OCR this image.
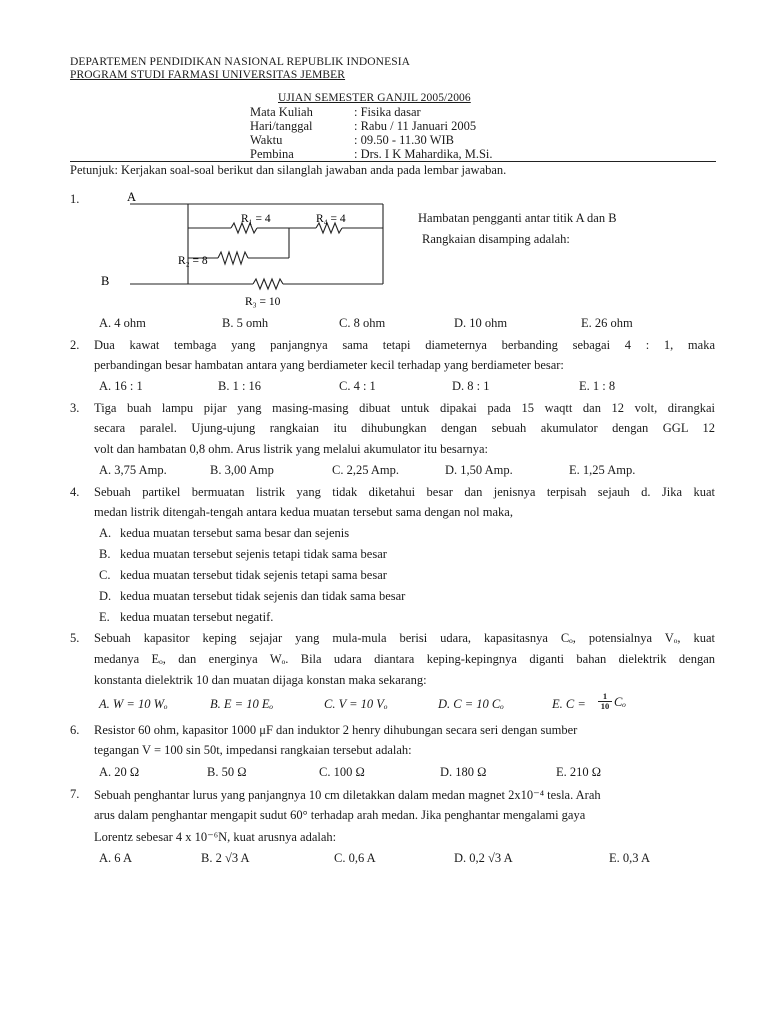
DEPARTEMEN PENDIDIKAN NASIONAL REPUBLIK INDONESIA
PROGRAM STUDI FARMASI UNIVERSITAS JEMBER
UJIAN SEMESTER GANJIL 2005/2006
Mata Kuliah	: Fisika dasar
Hari/tanggal	: Rabu / 11 Januari 2005
Waktu	: 09.50 - 11.30 WIB
Pembina	: Drs. I K Mahardika, M.Si.
Petunjuk: Kerjakan soal-soal berikut dan silanglah jawaban anda pada lembar jawaban.
1.	A
B
R₁ = 4	R₄ = 4
R₂ = 8
R₃ = 10
Hambatan pengganti antar titik A dan B
Rangkaian disamping adalah:
A. 4 ohm	B. 5 omh	C. 8 ohm	D. 10 ohm	E. 26 ohm
2. Dua kawat tembaga yang panjangnya sama tetapi diameternya berbanding sebagai 4 : 1, maka
perbandingan besar hambatan antara yang berdiameter kecil terhadap yang berdiameter besar:
A. 16 : 1	B. 1 : 16	C. 4 : 1	D. 8 : 1	E. 1 : 8
3. Tiga buah lampu pijar yang masing-masing dibuat untuk dipakai pada 15 waqtt dan 12 volt, dirangkai
secara paralel. Ujung-ujung rangkaian itu dihubungkan dengan sebuah akumulator dengan GGL 12
volt dan hambatan 0,8 ohm. Arus listrik yang melalui akumulator itu besarnya:
A. 3,75 Amp.	B. 3,00 Amp	C. 2,25 Amp.	D. 1,50 Amp.	E. 1,25 Amp.
4. Sebuah partikel bermuatan listrik yang tidak diketahui besar dan jenisnya terpisah sejauh d. Jika kuat
medan listrik ditengah-tengah antara kedua muatan tersebut sama dengan nol maka,
A. kedua muatan tersebut sama besar dan sejenis
B. kedua muatan tersebut sejenis tetapi tidak sama besar
C. kedua muatan tersebut tidak sejenis tetapi sama besar
D. kedua muatan tersebut tidak sejenis dan tidak sama besar
E. kedua muatan tersebut negatif.
5. Sebuah kapasitor keping sejajar yang mula-mula berisi udara, kapasitasnya Cₒ, potensialnya Vₒ, kuat
medanya Eₒ, dan energinya Wₒ. Bila udara diantara keping-kepingnya diganti bahan dielektrik dengan
konstanta dielektrik 10 dan muatan dijaga konstan maka sekarang:
A. W = 10 Wₒ	B. E = 10 Eₒ	C. V = 10 Vₒ	D. C = 10 Cₒ	E. $C = \frac{1}{10}$ Cₒ
6. Resistor 60 ohm, kapasitor 1000 μF dan induktor 2 henry dihubungan secara seri dengan sumber
tegangan V = 100 sin 50t, impedansi rangkaian tersebut adalah:
A. 20 Ω	B. 50 Ω	C. 100 Ω	D. 180 Ω	E. 210 Ω
7. Sebuah penghantar lurus yang panjangnya 10 cm diletakkan dalam medan magnet 2x10⁻⁴ tesla. Arah
arus dalam penghantar mengapit sudut 60° terhadap arah medan. Jika penghantar mengalami gaya
Lorentz sebesar 4 x 10⁻⁶N, kuat arusnya adalah:
A. 6 A	B. 2 √3 A	C. 0,6 A	D. 0,2 √3 A	E. 0,3 A
